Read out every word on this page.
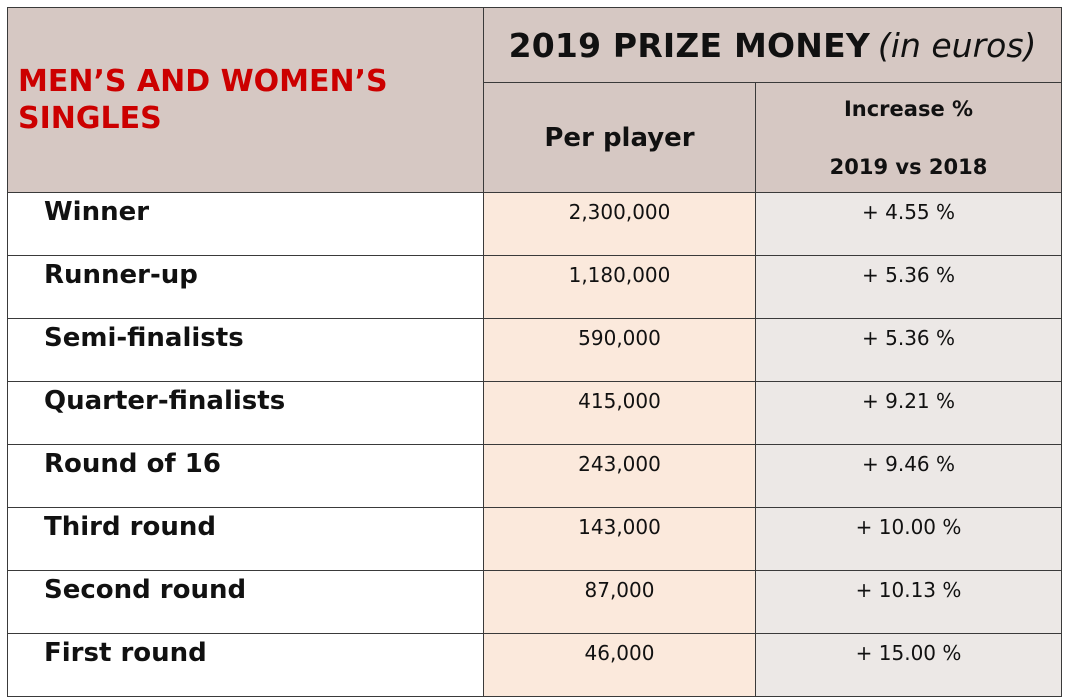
MEN’S AND WOMEN’S SINGLES	2019 PRIZE MONEY (in euros)	
	Per player	Increase %
2019 vs 2018

Winner	2,300,000	+ 4.55 %
Runner-up	1,180,000	+ 5.36 %
Semi-finalists	590,000	+ 5.36 %
Quarter-finalists	415,000	+ 9.21 %
Round of 16	243,000	+ 9.46 %
Third round	143,000	+ 10.00 %
Second round	87,000	+ 10.13 %
First round	46,000	+ 15.00 %
